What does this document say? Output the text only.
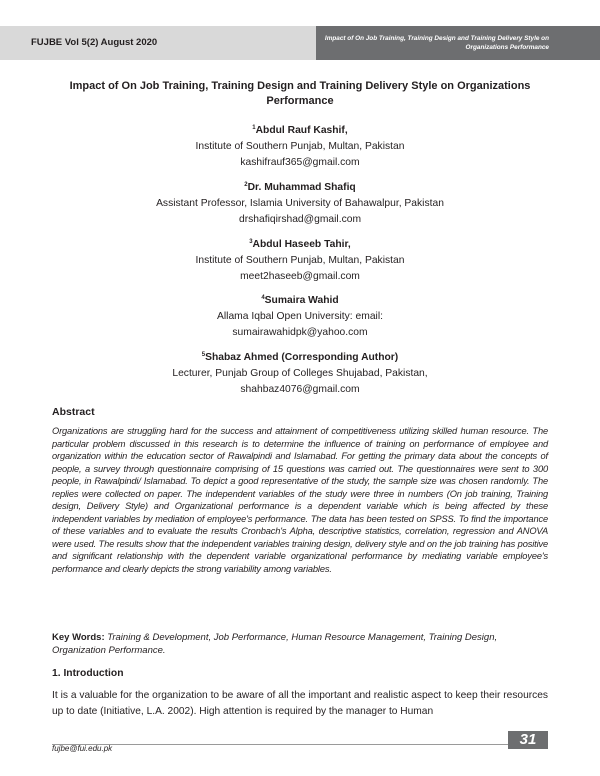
FUJBE Vol 5(2) August 2020	Impact of On Job Training, Training Design and Training Delivery Style on
Organizations Performance
Impact of On Job Training, Training Design and Training Delivery Style on Organizations
Performance
$^1$Abdul Rauf Kashif,
Institute of Southern Punjab, Multan, Pakistan
kashifrauf365@gmail.com
$^2$Dr. Muhammad Shafiq
Assistant Professor, Islamia University of Bahawalpur, Pakistan
drshafiqirshad@gmail.com
$^3$Abdul Haseeb Tahir,
Institute of Southern Punjab, Multan, Pakistan
meet2haseeb@gmail.com
$^4$Sumaira Wahid
Allama Iqbal Open University: email:
sumairawahidpk@yahoo.com
$^5$Shabaz Ahmed (Corresponding Author)
Lecturer, Punjab Group of Colleges Shujabad, Pakistan,
shahbaz4076@gmail.com
Abstract
Organizations are struggling hard for the success and attainment of competitiveness utilizing skilled human resource. The particular problem discussed in this research is to determine the influence of training on performance of employee and organization within the education sector of Rawalpindi and Islamabad. For getting the primary data about the concepts of people, a survey through questionnaire comprising of 15 questions was carried out. The questionnaires were sent to 300 people, in Rawalpindi/ Islamabad. To depict a good representative of the study, the sample size was chosen randomly. The replies were collected on paper. The independent variables of the study were three in numbers (On job training, Training design, Delivery Style) and Organizational performance is a dependent variable which is being affected by these independent variables by mediation of employee's performance. The data has been tested on SPSS. To find the importance of these variables and to evaluate the results Cronbach's Alpha, descriptive statistics, correlation, regression and ANOVA were used. The results show that the independent variables training design, delivery style and on the job training has positive and significant relationship with the dependent variable organizational performance by mediating variable employee's performance and clearly depicts the strong variability among variables.
Key Words: Training & Development, Job Performance, Human Resource Management, Training Design, Organization Performance.
1. Introduction
It is a valuable for the organization to be aware of all the important and realistic aspect to keep their resources up to date (Initiative, L.A. 2002). High attention is required by the manager to Human
fujbe@fui.edu.pk
31
